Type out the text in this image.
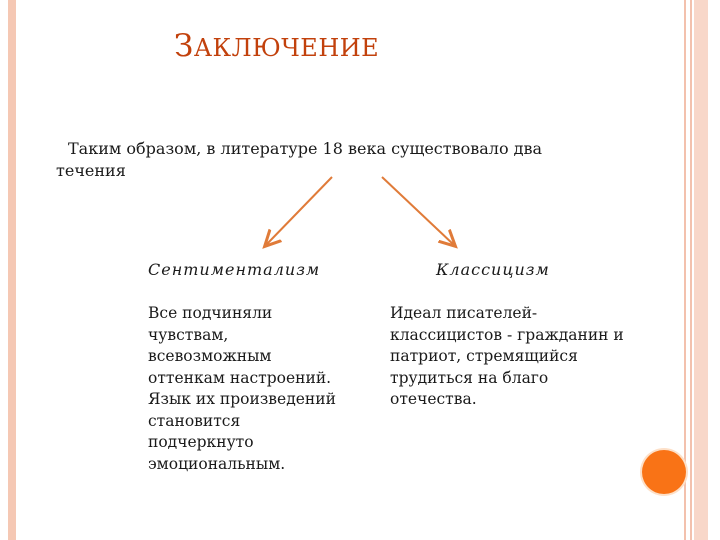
ЗАКЛЮЧЕНИЕ
Таким образом, в литературе 18 века существовало два течения
Сентиментализм	Классицизм
Все подчиняли
чувствам,
всевозможным
оттенкам настроений.
Язык их произведений
становится
подчеркнуто
эмоциональным.
Идеал писателей-
классицистов - гражданин и
патриот, стремящийся
трудиться на благо
отечества.
